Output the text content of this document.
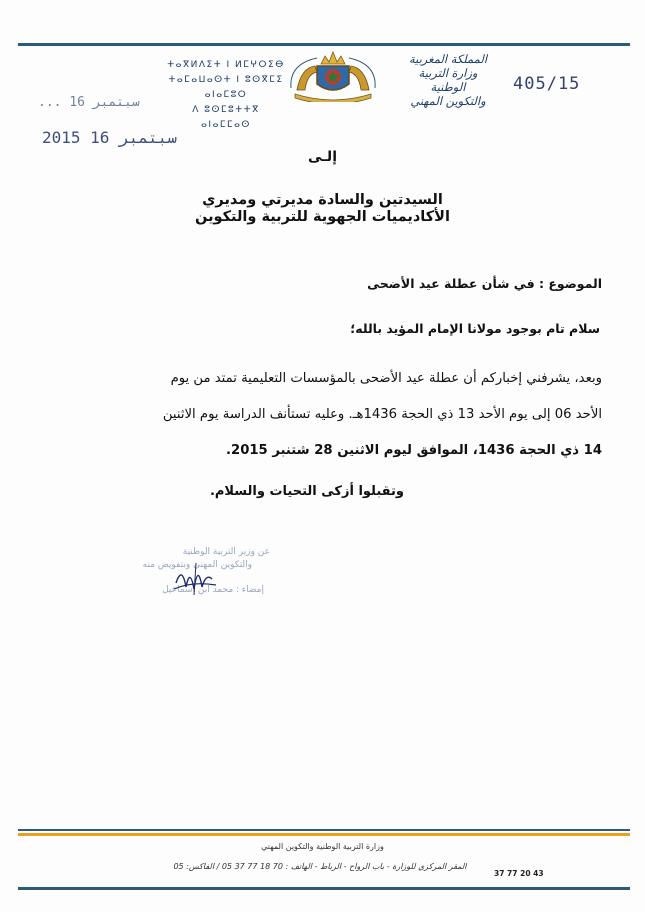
ⵜⴰⴳⵍⴷⵉⵜ ⵏ ⵍⵎⵖⵔⵉⴱ
ⵜⴰⵎⴰⵡⴰⵙⵜ ⵏ ⵓⵙⴳⵎⵉ ⴰⵏⴰⵎⵓⵔ
ⴷ ⵓⵙⵎⵓⵜⵜⴳ ⴰⵏⴰⵎⵎⴰⵙ
المملكة المغربية
وزارة التربية الوطنية
والتكوين المهني
405/15
... سبتمبر 16
2015 سبتمبر 16
إلـى
السيدتين والسادة مديرتي ومديري
الأكاديميات الجهوية للتربية والتكوين
الموضوع : في شأن عطلة عيد الأضحى
سلام تام بوجود مولانا الإمام المؤيد بالله؛
وبعد، يشرفني إخباركم أن عطلة عيد الأضحى بالمؤسسات التعليمية تمتد من يوم
الأحد 06 إلى يوم الأحد 13 ذي الحجة 1436هـ. وعليه تستأنف الدراسة يوم الاثنين
14 ذي الحجة 1436، الموافق ليوم الاثنين 28 شتنبر 2015.
وتقبلوا أزكى التحيات والسلام.
عن وزير التربية الوطنية
والتكوين المهني وبتفويض منه
إمضاء : محمد ابن اسماعيل
وزارة التربية الوطنية والتكوين المهني
المقر المركزي للوزارة - باب الرواح - الرباط - الهاتف : 70 18 77 37 05 / الفاكس: 05
37 77 20 43
